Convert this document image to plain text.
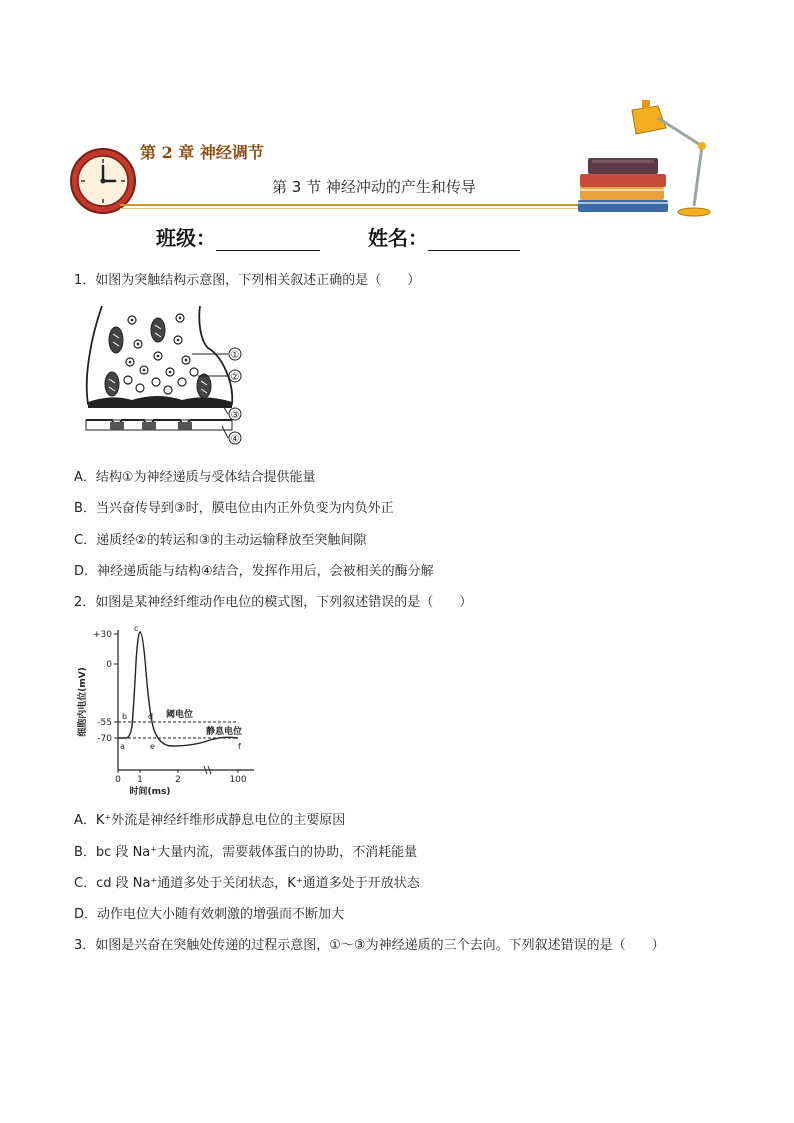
第 2 章 神经调节
第 3 节 神经冲动的产生和传导
班级：	姓名：
1．如图为突触结构示意图，下列相关叙述正确的是（　　）
①
②
③
④
A．结构①为神经递质与受体结合提供能量
B．当兴奋传导到③时，膜电位由内正外负变为内负外正
C．递质经②的转运和③的主动运输释放至突触间隙
D．神经递质能与结构④结合，发挥作用后，会被相关的酶分解
2．如图是某神经纤维动作电位的模式图，下列叙述错误的是（　　）
+30
0
-55
-70
细胞内电位(mV)
a
b
c
d
e	f
阈电位
静息电位
0 1	2	100
时间(ms)
A．K⁺外流是神经纤维形成静息电位的主要原因
B．bc 段 Na⁺大量内流，需要载体蛋白的协助，不消耗能量
C．cd 段 Na⁺通道多处于关闭状态，K⁺通道多处于开放状态
D．动作电位大小随有效刺激的增强而不断加大
3．如图是兴奋在突触处传递的过程示意图，①～③为神经递质的三个去向。下列叙述错误的是（　　）
